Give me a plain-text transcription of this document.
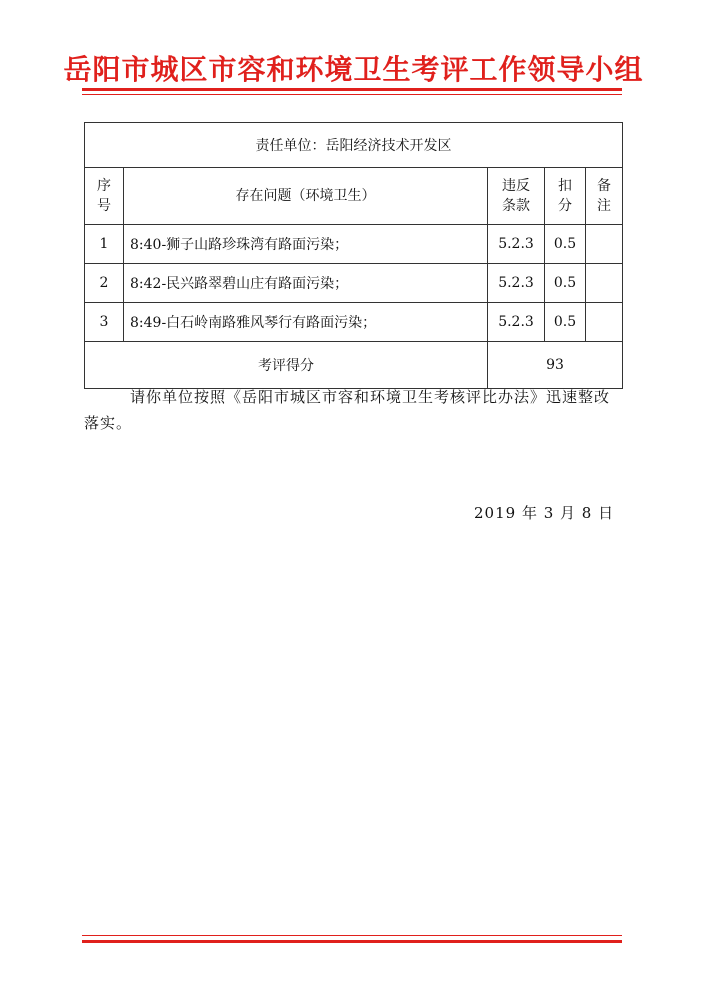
岳阳市城区市容和环境卫生考评工作领导小组
责任单位：岳阳经济技术开发区				
序号	存在问题（环境卫生）	违反条款	扣分	备注
1	8:40-狮子山路珍珠湾有路面污染；	5.2.3	0.5	
2	8:42-民兴路翠碧山庄有路面污染；	5.2.3	0.5	
3	8:49-白石岭南路雅风琴行有路面污染；	5.2.3	0.5	
考评得分		93		
请你单位按照《岳阳市城区市容和环境卫生考核评比办法》迅速整改落实。
2019 年 3 月 8 日
